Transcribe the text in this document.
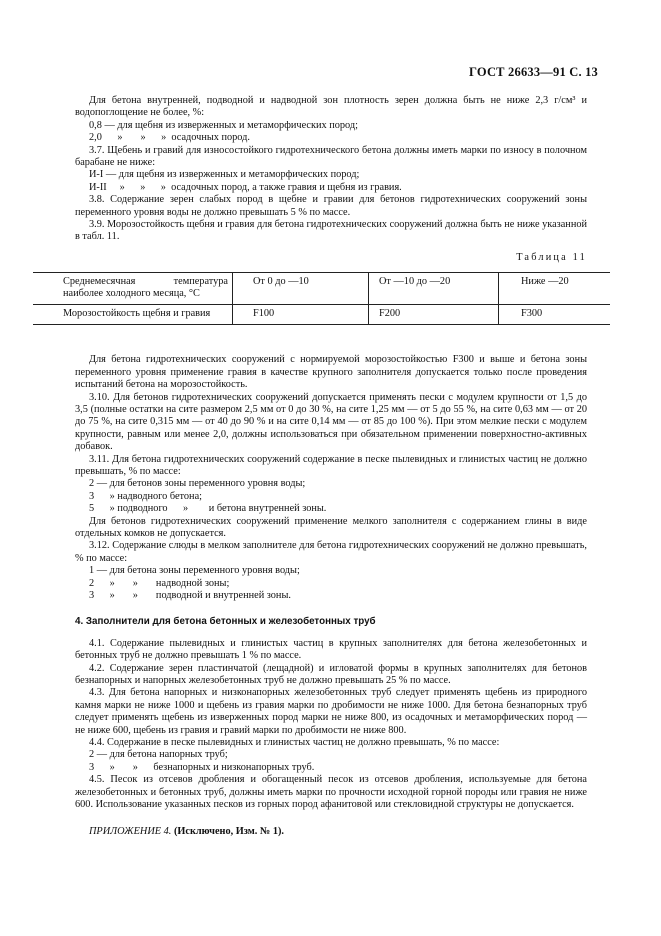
ГОСТ 26633—91 С. 13

Для бетона внутренней, подводной и надводной зон плотность зерен должна быть не ниже 2,3 г/см³ и водопоглощение не более, %:

0,8 — для щебня из изверженных и метаморфических пород;

2,0      »       »      »  осадочных пород.

3.7. Щебень и гравий для износостойкого гидротехнического бетона должны иметь марки по износу в полочном барабане не ниже:

И-I — для щебня из изверженных и метаморфических пород;

И-II     »      »      »  осадочных пород, а также гравия и щебня из гравия.

3.8. Содержание зерен слабых пород в щебне и гравии для бетонов гидротехнических сооружений зоны переменного уровня воды не должно превышать 5 % по массе.

3.9. Морозостойкость щебня и гравия для бетона гидротехнических сооружений должна быть не ниже указанной в табл. 11.

Таблица 11
Среднемесячная температура наиболее холодного месяца, °С	От 0 до —10	От —10 до —20	Ниже —20
Морозостойкость щебня и гравия	F100	F200	F300

Для бетона гидротехнических сооружений с нормируемой морозостойкостью F300 и выше и бетона зоны переменного уровня применение гравия в качестве крупного заполнителя допускается только после проведения испытаний бетона на морозостойкость.

3.10. Для бетонов гидротехнических сооружений допускается применять пески с модулем крупности от 1,5 до 3,5 (полные остатки на сите размером 2,5 мм от 0 до 30 %, на сите 1,25 мм — от 5 до 55 %, на сите 0,63 мм — от 20 до 75 %, на сите 0,315 мм — от 40 до 90 % и на сите 0,14 мм — от 85 до 100 %). При этом мелкие пески с модулем крупности, равным или менее 2,0, должны использоваться при обязательном применении поверхностно-активных добавок.

3.11. Для бетона гидротехнических сооружений содержание в песке пылевидных и глинистых частиц не должно превышать, % по массе:

2 — для бетонов зоны переменного уровня воды;

3      » надводного бетона;

5      » подводного      »        и бетона внутренней зоны.

Для бетонов гидротехнических сооружений применение мелкого заполнителя с содержанием глины в виде отдельных комков не допускается.

3.12. Содержание слюды в мелком заполнителе для бетона гидротехнических сооружений не должно превышать, % по массе:

1 — для бетона зоны переменного уровня воды;

2      »       »       надводной зоны;

3      »       »       подводной и внутренней зоны.

4. Заполнители для бетона бетонных и железобетонных труб

4.1. Содержание пылевидных и глинистых частиц в крупных заполнителях для бетона железобетонных и бетонных труб не должно превышать 1 % по массе.

4.2. Содержание зерен пластинчатой (лещадной) и игловатой формы в крупных заполнителях для бетонов безнапорных и напорных железобетонных труб не должно превышать 25 % по массе.

4.3. Для бетона напорных и низконапорных железобетонных труб следует применять щебень из природного камня марки не ниже 1000 и щебень из гравия марки по дробимости не ниже 1000. Для бетона безнапорных труб следует применять щебень из изверженных пород марки не ниже 800, из осадочных и метаморфических пород — не ниже 600, щебень из гравия и гравий марки по дробимости не ниже 800.

4.4. Содержание в песке пылевидных и глинистых частиц не должно превышать, % по массе:

2 — для бетона напорных труб;

3      »       »      безнапорных и низконапорных труб.

4.5. Песок из отсевов дробления и обогащенный песок из отсевов дробления, используемые для бетона железобетонных и бетонных труб, должны иметь марки по прочности исходной горной породы или гравия не ниже 600. Использование указанных песков из горных пород афанитовой или стекловидной структуры не допускается.

ПРИЛОЖЕНИЕ 4. (Исключено, Изм. № 1).
